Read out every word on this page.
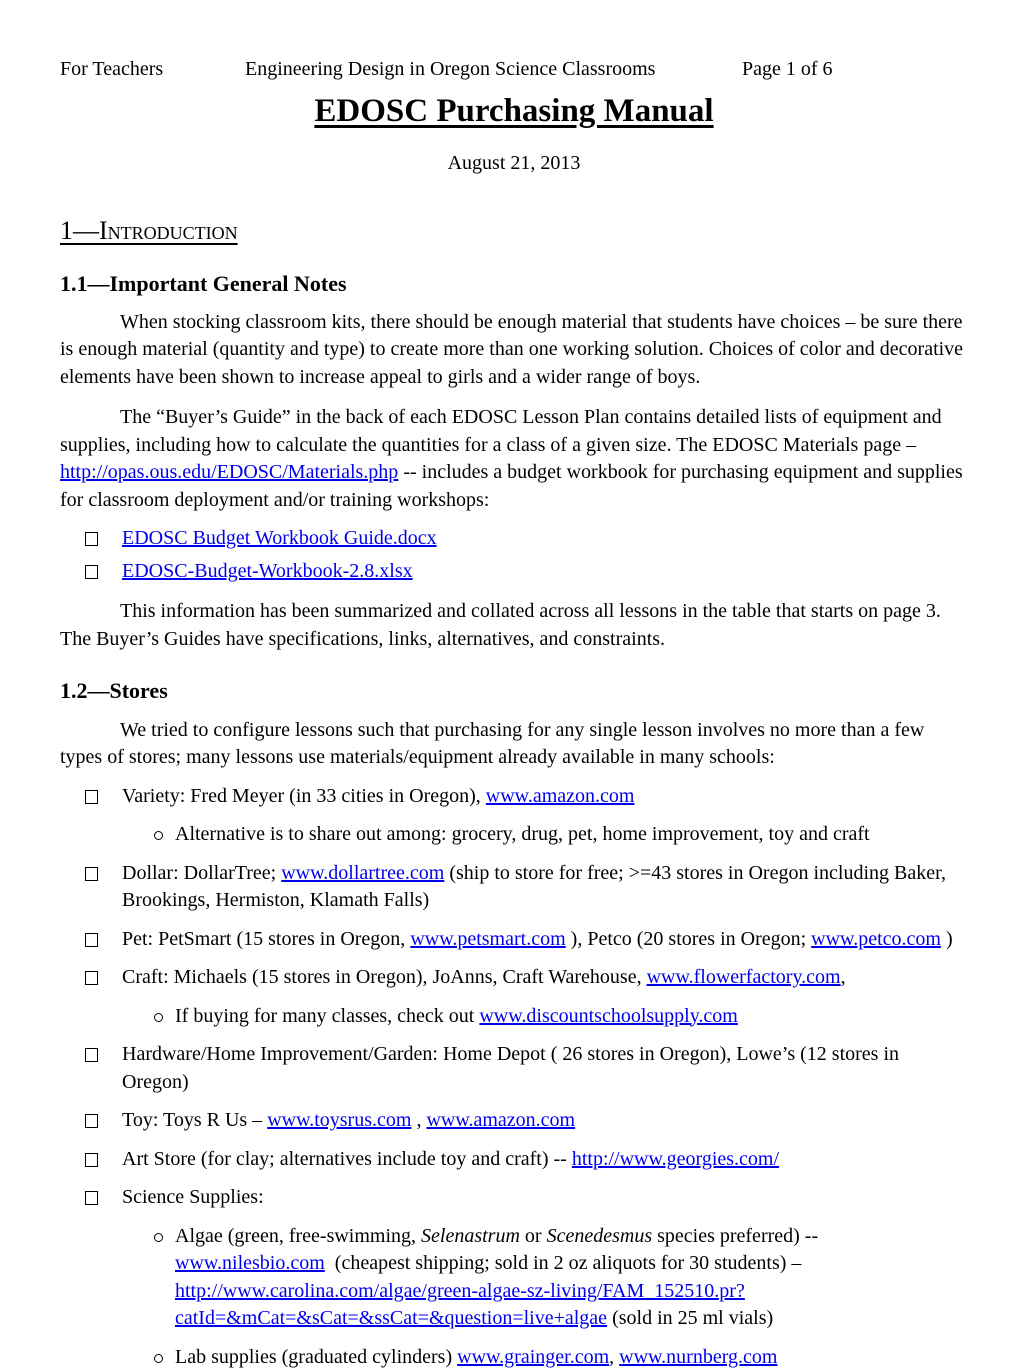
For Teachers	Engineering Design in Oregon Science Classrooms	Page 1 of 6
EDOSC Purchasing Manual
August 21, 2013
1—Introduction
1.1—Important General Notes
When stocking classroom kits, there should be enough material that students have choices – be sure there is enough material (quantity and type) to create more than one working solution. Choices of color and decorative elements have been shown to increase appeal to girls and a wider range of boys.
The “Buyer’s Guide” in the back of each EDOSC Lesson Plan contains detailed lists of equipment and supplies, including how to calculate the quantities for a class of a given size. The EDOSC Materials page – http://opas.ous.edu/EDOSC/Materials.php -- includes a budget workbook for purchasing equipment and supplies for classroom deployment and/or training workshops:
EDOSC Budget Workbook Guide.docx
EDOSC-Budget-Workbook-2.8.xlsx
This information has been summarized and collated across all lessons in the table that starts on page 3. The Buyer’s Guides have specifications, links, alternatives, and constraints.
1.2—Stores
We tried to configure lessons such that purchasing for any single lesson involves no more than a few types of stores; many lessons use materials/equipment already available in many schools:
Variety: Fred Meyer (in 33 cities in Oregon), www.amazon.com
Alternative is to share out among: grocery, drug, pet, home improvement, toy and craft
Dollar: DollarTree; www.dollartree.com (ship to store for free; >=43 stores in Oregon including Baker, Brookings, Hermiston, Klamath Falls)
Pet: PetSmart (15 stores in Oregon, www.petsmart.com ), Petco (20 stores in Oregon; www.petco.com )
Craft: Michaels (15 stores in Oregon), JoAnns, Craft Warehouse, www.flowerfactory.com,
If buying for many classes, check out www.discountschoolsupply.com
Hardware/Home Improvement/Garden: Home Depot ( 26 stores in Oregon), Lowe’s (12 stores in Oregon)
Toy: Toys R Us – www.toysrus.com , www.amazon.com
Art Store (for clay; alternatives include toy and craft) -- http://www.georgies.com/
Science Supplies:
Algae (green, free-swimming, Selenastrum or Scenedesmus species preferred) -- www.nilesbio.com  (cheapest shipping; sold in 2 oz aliquots for 30 students) – http://www.carolina.com/algae/green-algae-sz-living/FAM_152510.pr?catId=&mCat=&sCat=&ssCat=&question=live+algae (sold in 25 ml vials)
Lab supplies (graduated cylinders) www.grainger.com, www.nurnberg.com
